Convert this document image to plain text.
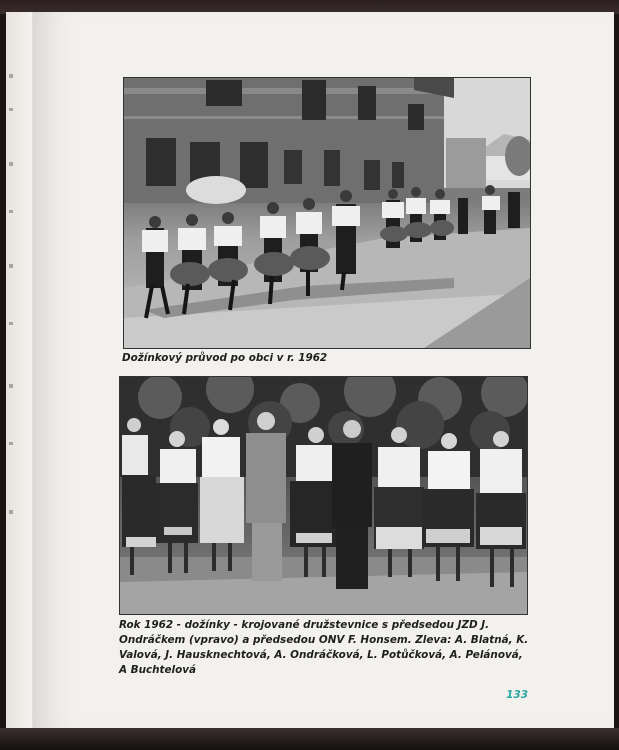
Dožínkový průvod po obci v r. 1962

Rok 1962 - dožínky - krojované družstevnice s předsedou JZD J. Ondráčkem (vpravo) a předsedou ONV F. Honsem. Zleva: A. Blatná, K. Valová, J. Hausknechtová, A. Ondráčková, L. Potůčková, A. Pelánová, A Buchtelová

133
